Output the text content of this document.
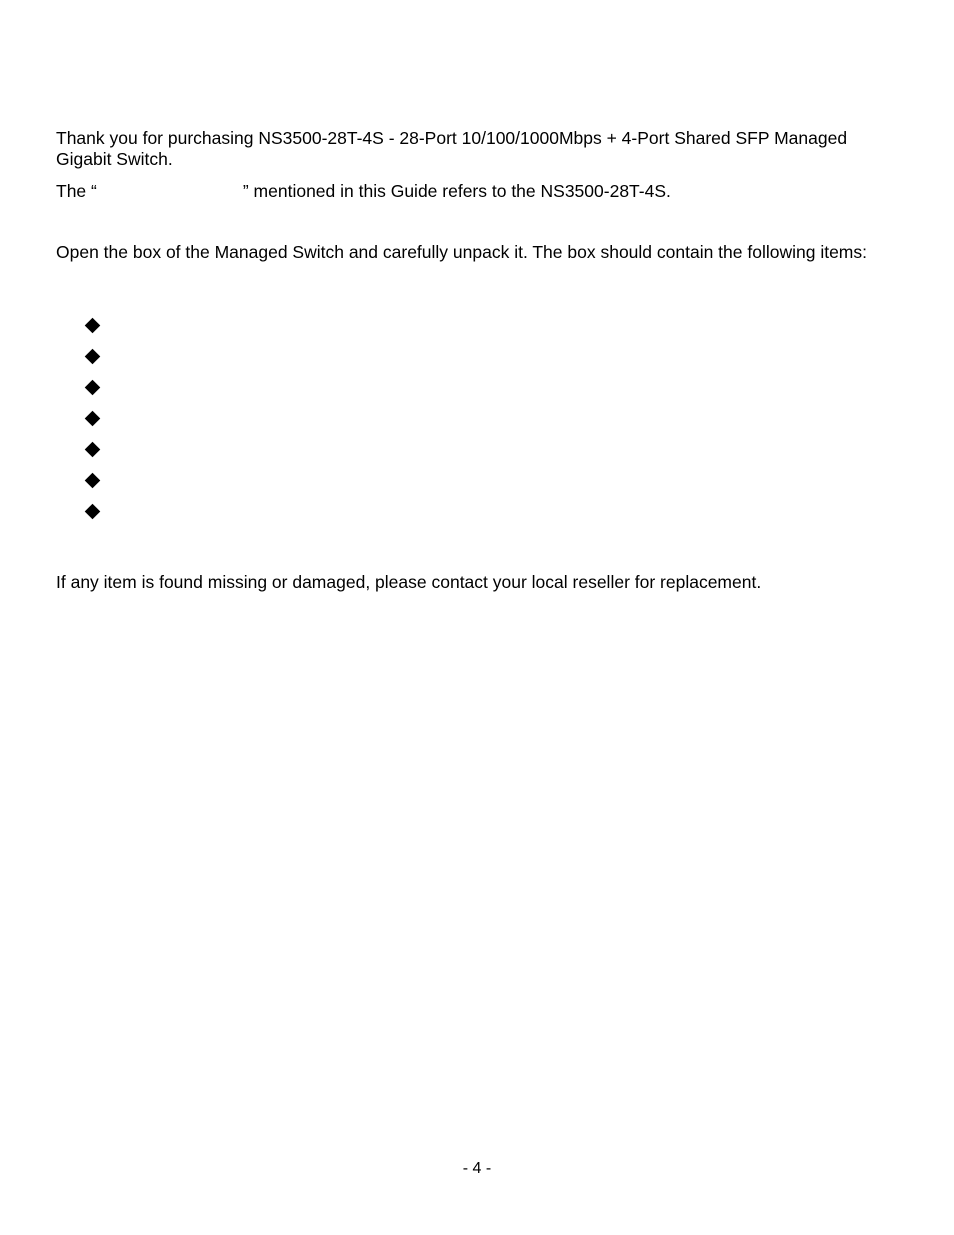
Thank you for purchasing NS3500-28T-4S - 28-Port 10/100/1000Mbps + 4-Port Shared SFP Managed Gigabit Switch.

The “	” mentioned in this Guide refers to the NS3500-28T-4S.

Open the box of the Managed Switch and carefully unpack it. The box should contain the following items:

If any item is found missing or damaged, please contact your local reseller for replacement.

- 4 -
